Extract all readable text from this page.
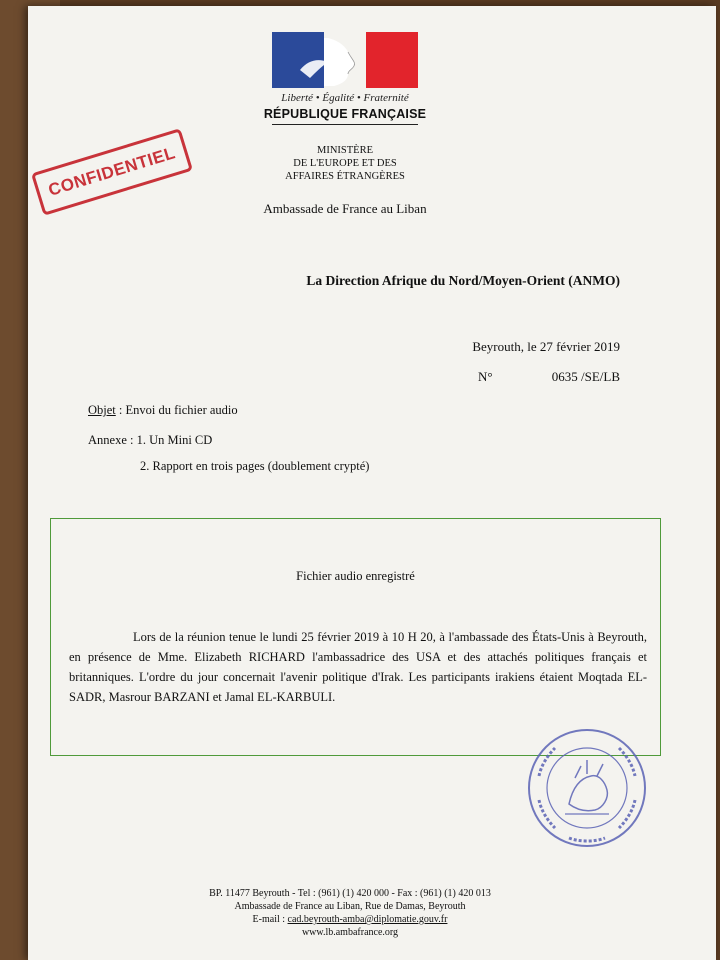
Liberté • Égalité • Fraternité
RÉPUBLIQUE FRANÇAISE
MINISTÈRE
DE L'EUROPE ET DES
AFFAIRES ÉTRANGÈRES
Ambassade de France au Liban
CONFIDENTIEL
La Direction Afrique du Nord/Moyen-Orient (ANMO)
Beyrouth, le 27 février 2019
N°	0635 /SE/LB
Objet : Envoi du fichier audio
Annexe : 1. Un Mini CD
2. Rapport en trois pages (doublement crypté)
Fichier audio enregistré
Lors de la réunion tenue le lundi 25 février 2019 à 10 H 20, à l'ambassade des États-Unis à Beyrouth, en présence de Mme. Elizabeth RICHARD l'ambassadrice des USA et des attachés politiques français et britanniques. L'ordre du jour concernait l'avenir politique d'Irak. Les participants irakiens étaient Moqtada EL-SADR, Masrour BARZANI et Jamal EL-KARBULI.
BP. 11477 Beyrouth - Tel : (961) (1) 420 000 - Fax : (961) (1) 420 013
Ambassade de France au Liban, Rue de Damas, Beyrouth
E-mail : cad.beyrouth-amba@diplomatie.gouv.fr
www.lb.ambafrance.org
